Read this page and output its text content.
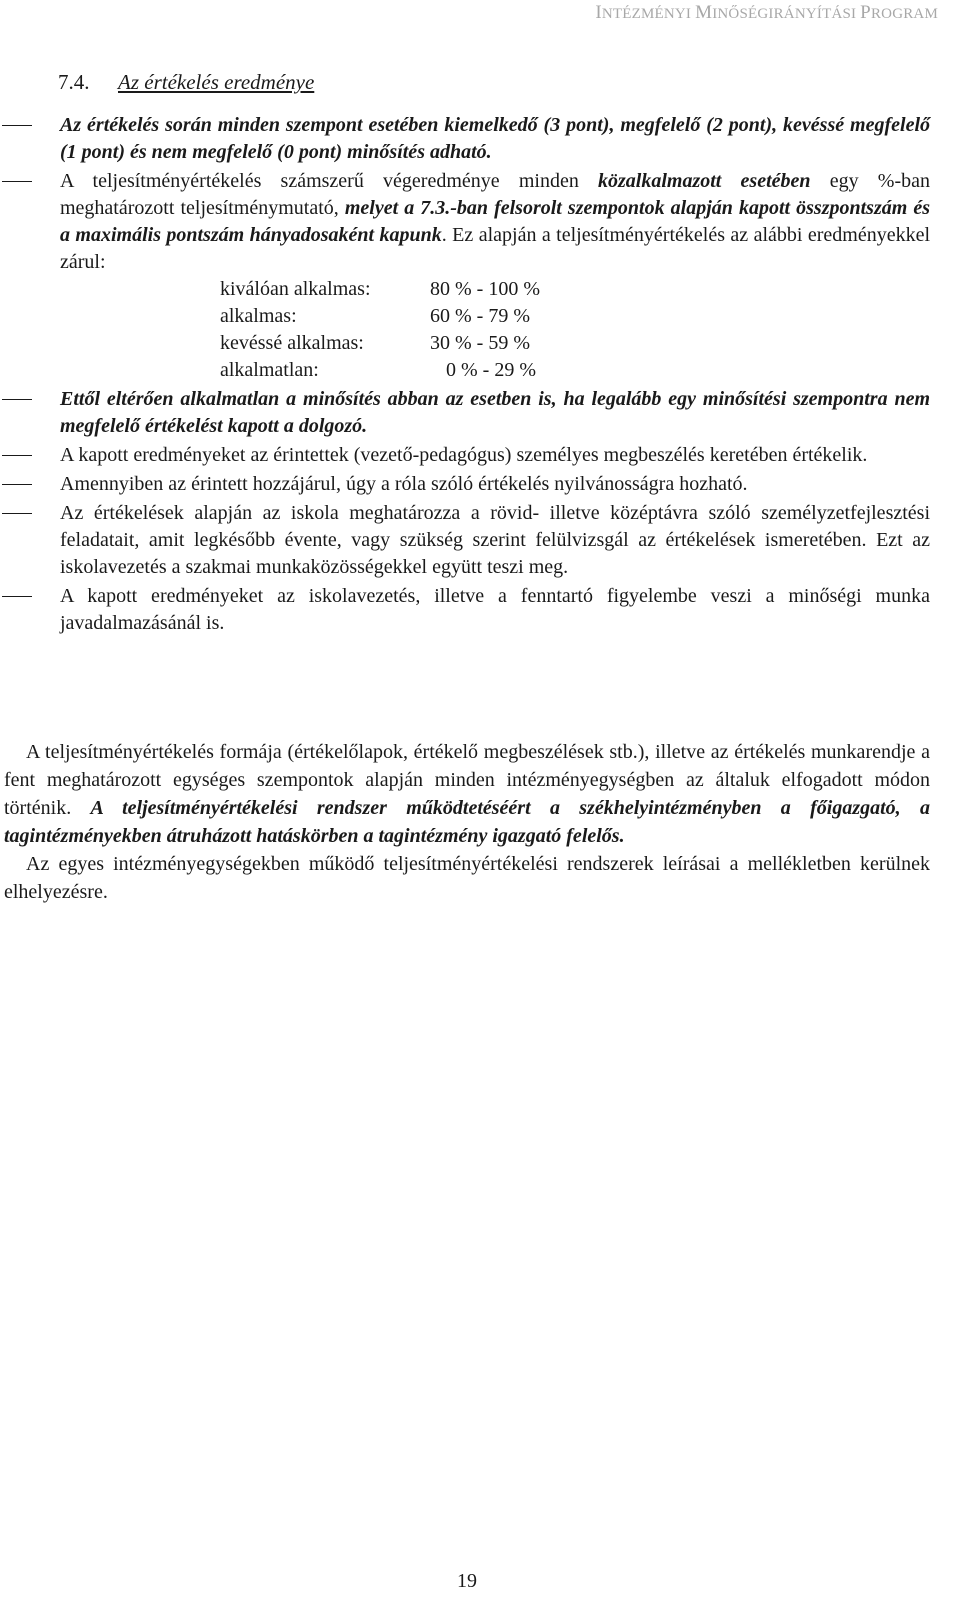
INTÉZMÉNYI MINŐSÉGIRÁNYÍTÁSI PROGRAM
7.4. Az értékelés eredménye
Az értékelés során minden szempont esetében kiemelkedő (3 pont), megfelelő (2 pont), kevéssé megfelelő (1 pont) és nem megfelelő (0 pont) minősítés adható.
A teljesítményértékelés számszerű végeredménye minden közalkalmazott esetében egy %-ban meghatározott teljesítménymutató, melyet a 7.3.-ban felsorolt szempontok alapján kapott összpontszám és a maximális pontszám hányadosaként kapunk. Ez alapján a teljesítményértékelés az alábbi eredményekkel zárul:
kiválóan alkalmas:	80 % - 100 %
alkalmas:	60 % - 79 %
kevéssé alkalmas:	30 % - 59 %
alkalmatlan:	0 % - 29 %
Ettől eltérően alkalmatlan a minősítés abban az esetben is, ha legalább egy minősítési szempontra nem megfelelő értékelést kapott a dolgozó.
A kapott eredményeket az érintettek (vezető-pedagógus) személyes megbeszélés keretében értékelik.
Amennyiben az érintett hozzájárul, úgy a róla szóló értékelés nyilvánosságra hozható.
Az értékelések alapján az iskola meghatározza a rövid- illetve középtávra szóló személyzetfejlesztési feladatait, amit legkésőbb évente, vagy szükség szerint felülvizsgál az értékelések ismeretében. Ezt az iskolavezetés a szakmai munkaközösségekkel együtt teszi meg.
A kapott eredményeket az iskolavezetés, illetve a fenntartó figyelembe veszi a minőségi munka javadalmazásánál is.

A teljesítményértékelés formája (értékelőlapok, értékelő megbeszélések stb.), illetve az értékelés munkarendje a fent meghatározott egységes szempontok alapján minden intézményegységben az általuk elfogadott módon történik. A teljesítményértékelési rendszer működtetéséért a székhelyintézményben a főigazgató, a tagintézményekben átruházott hatáskörben a tagintézmény igazgató felelős.

Az egyes intézményegységekben működő teljesítményértékelési rendszerek leírásai a mellékletben kerülnek elhelyezésre.

19
